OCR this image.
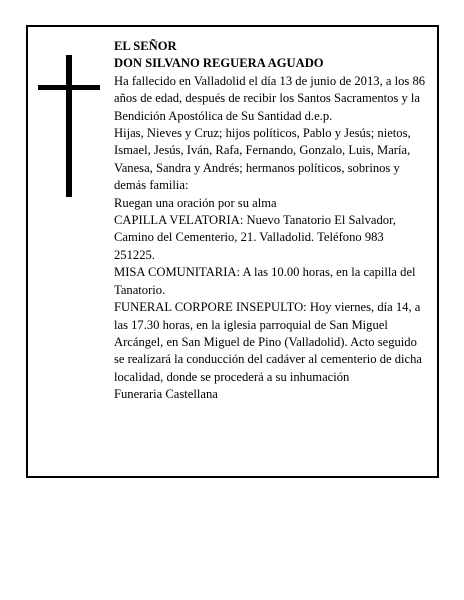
EL SEÑOR

DON SILVANO REGUERA AGUADO

Ha fallecido en Valladolid el día 13 de junio de 2013, a los 86 años de edad, después de recibir los Santos Sacramentos y la Bendición Apostólica de Su Santidad d.e.p.

Hijas, Nieves y Cruz; hijos políticos, Pablo y Jesús; nietos, Ismael, Jesús, Iván, Rafa, Fernando, Gonzalo, Luis, María, Vanesa, Sandra y Andrés; hermanos políticos, sobrinos y demás familia:

Ruegan una oración por su alma

CAPILLA VELATORIA: Nuevo Tanatorio El Salvador, Camino del Cementerio, 21. Valladolid. Teléfono 983 251225.

MISA COMUNITARIA: A las 10.00 horas, en la capilla del Tanatorio.

FUNERAL CORPORE INSEPULTO: Hoy viernes, día 14, a las 17.30 horas, en la iglesia parroquial de San Miguel Arcángel, en San Miguel de Pino (Valladolid). Acto seguido se realizará la conducción del cadáver al cementerio de dicha localidad, donde se procederá a su inhumación

Funeraria Castellana
